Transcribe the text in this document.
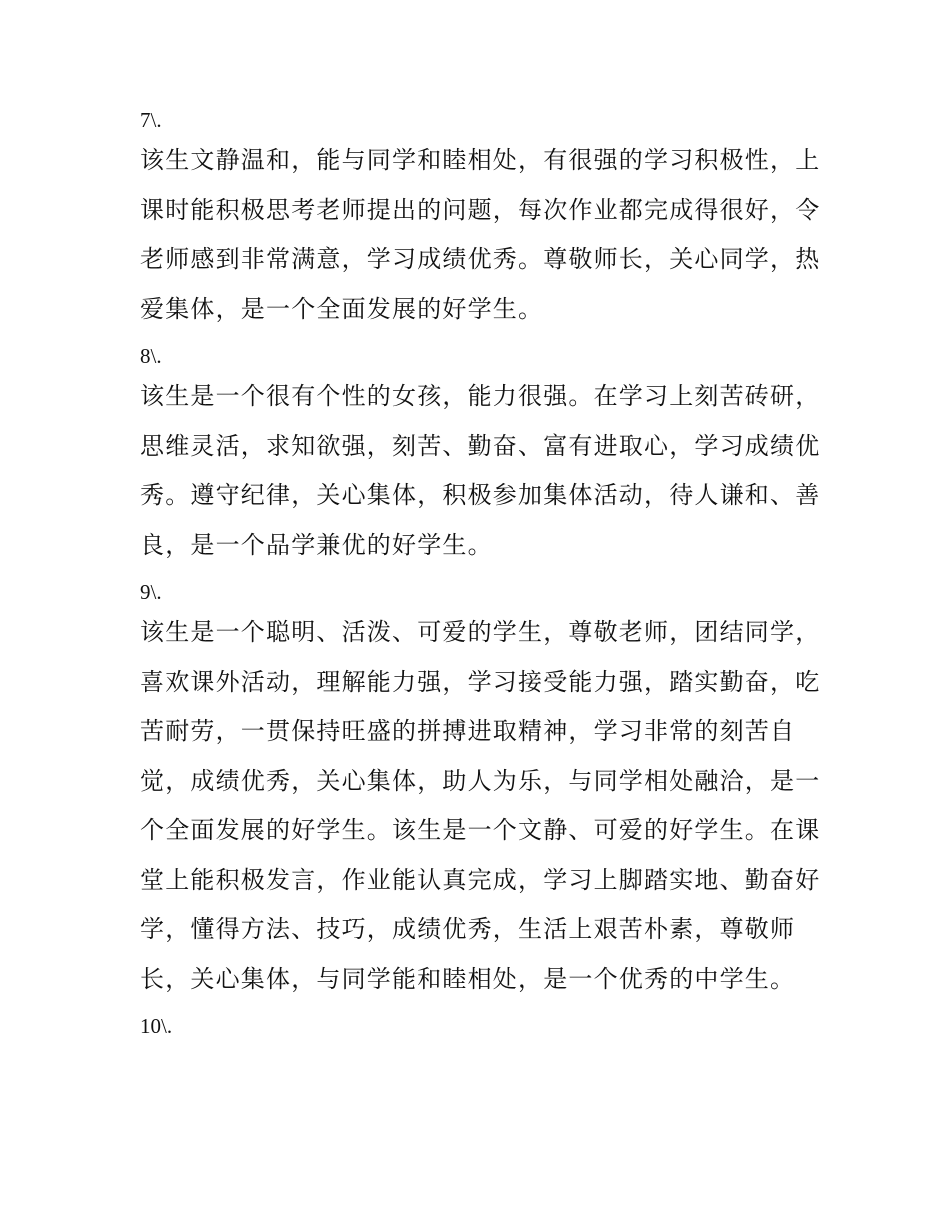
7\.
该生文静温和，能与同学和睦相处，有很强的学习积极性，上
课时能积极思考老师提出的问题，每次作业都完成得很好，令
老师感到非常满意，学习成绩优秀。尊敬师长，关心同学，热
爱集体，是一个全面发展的好学生。
8\.
该生是一个很有个性的女孩，能力很强。在学习上刻苦砖研，
思维灵活，求知欲强，刻苦、勤奋、富有进取心，学习成绩优
秀。遵守纪律，关心集体，积极参加集体活动，待人谦和、善
良，是一个品学兼优的好学生。
9\.
该生是一个聪明、活泼、可爱的学生，尊敬老师，团结同学，
喜欢课外活动，理解能力强，学习接受能力强，踏实勤奋，吃
苦耐劳，一贯保持旺盛的拼搏进取精神，学习非常的刻苦自
觉，成绩优秀，关心集体，助人为乐，与同学相处融洽，是一
个全面发展的好学生。该生是一个文静、可爱的好学生。在课
堂上能积极发言，作业能认真完成，学习上脚踏实地、勤奋好
学，懂得方法、技巧，成绩优秀，生活上艰苦朴素，尊敬师
长，关心集体，与同学能和睦相处，是一个优秀的中学生。
10\.
